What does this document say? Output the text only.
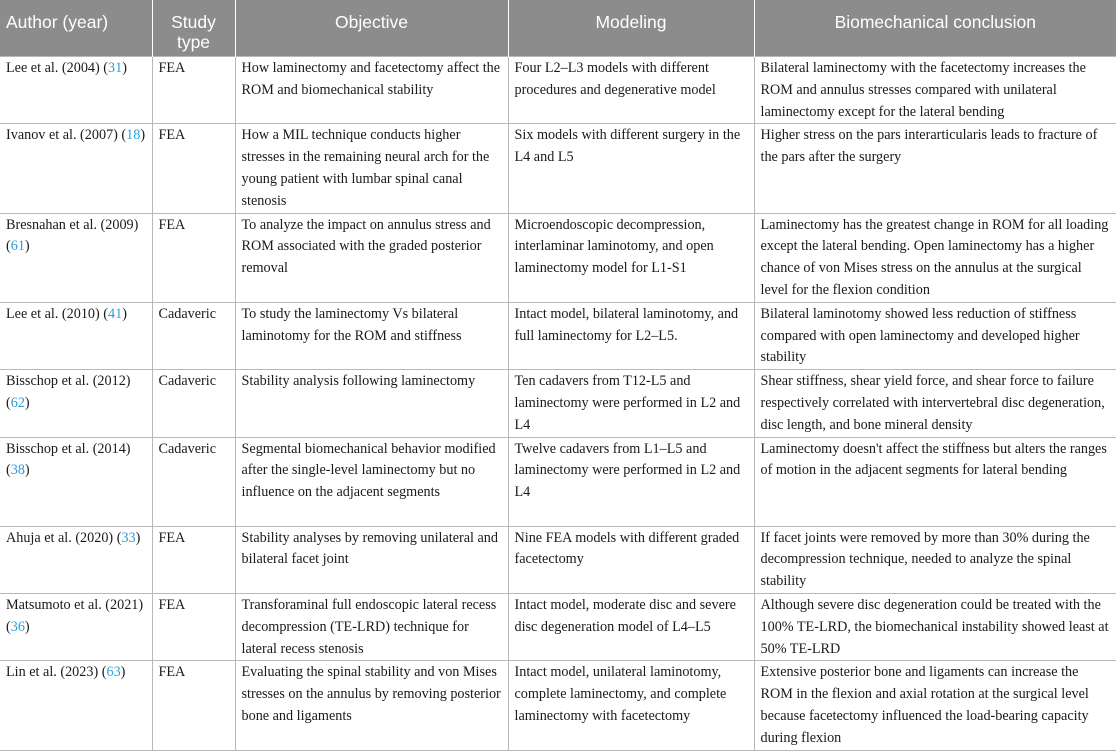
Author (year)	Study type	Objective	Modeling	Biomechanical conclusion
Lee et al. (2004) (31)	FEA	How laminectomy and facetectomy affect the ROM and biomechanical stability	Four L2–L3 models with different procedures and degenerative model	Bilateral laminectomy with the facetectomy increases the ROM and annulus stresses compared with unilateral laminectomy except for the lateral bending
Ivanov et al. (2007) (18)	FEA	How a MIL technique conducts higher stresses in the remaining neural arch for the young patient with lumbar spinal canal stenosis	Six models with different surgery in the L4 and L5	Higher stress on the pars interarticularis leads to fracture of the pars after the surgery
Bresnahan et al. (2009) (61)	FEA	To analyze the impact on annulus stress and ROM associated with the graded posterior removal	Microendoscopic decompression, interlaminar laminotomy, and open laminectomy model for L1-S1	Laminectomy has the greatest change in ROM for all loading except the lateral bending. Open laminectomy has a higher chance of von Mises stress on the annulus at the surgical level for the flexion condition
Lee et al. (2010) (41)	Cadaveric	To study the laminectomy Vs bilateral laminotomy for the ROM and stiffness	Intact model, bilateral laminotomy, and full laminectomy for L2–L5.	Bilateral laminotomy showed less reduction of stiffness compared with open laminectomy and developed higher stability
Bisschop et al. (2012) (62)	Cadaveric	Stability analysis following laminectomy	Ten cadavers from T12-L5 and laminectomy were performed in L2 and L4	Shear stiffness, shear yield force, and shear force to failure respectively correlated with intervertebral disc degeneration, disc length, and bone mineral density
Bisschop et al. (2014) (38)	Cadaveric	Segmental biomechanical behavior modified after the single-level laminectomy but no influence on the adjacent segments	Twelve cadavers from L1–L5 and laminectomy were performed in L2 and L4	Laminectomy doesn't affect the stiffness but alters the ranges of motion in the adjacent segments for lateral bending
Ahuja et al. (2020) (33)	FEA	Stability analyses by removing unilateral and bilateral facet joint	Nine FEA models with different graded facetectomy	If facet joints were removed by more than 30% during the decompression technique, needed to analyze the spinal stability
Matsumoto et al. (2021) (36)	FEA	Transforaminal full endoscopic lateral recess decompression (TE-LRD) technique for lateral recess stenosis	Intact model, moderate disc and severe disc degeneration model of L4–L5	Although severe disc degeneration could be treated with the 100% TE-LRD, the biomechanical instability showed least at 50% TE-LRD
Lin et al. (2023) (63)	FEA	Evaluating the spinal stability and von Mises stresses on the annulus by removing posterior bone and ligaments	Intact model, unilateral laminotomy, complete laminectomy, and complete laminectomy with facetectomy	Extensive posterior bone and ligaments can increase the ROM in the flexion and axial rotation at the surgical level because facetectomy influenced the load-bearing capacity during flexion
